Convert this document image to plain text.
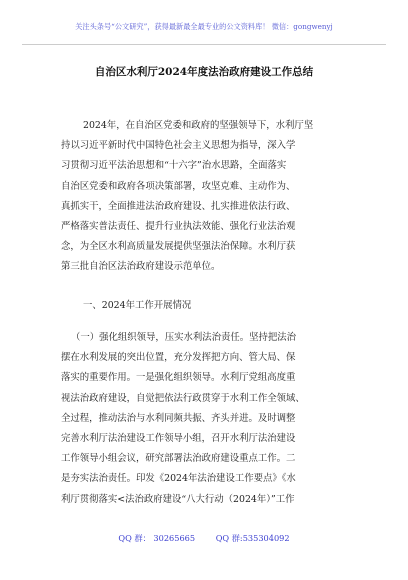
关注头条号“公文研究”，获得最新最全最专业的公文资料库！ 微信：gongwenyj
自治区水利厅2024年度法治政府建设工作总结
2024年，在自治区党委和政府的坚强领导下，水利厅坚
持以习近平新时代中国特色社会主义思想为指导，深入学
习贯彻习近平法治思想和“十六字”治水思路，全面落实
自治区党委和政府各项决策部署，攻坚克难、主动作为、
真抓实干，全面推进法治政府建设、扎实推进依法行政、
严格落实普法责任、提升行业执法效能、强化行业法治观
念，为全区水利高质量发展提供坚强法治保障。水利厅获
第三批自治区法治政府建设示范单位。
一、2024年工作开展情况
（一）强化组织领导，压实水利法治责任。坚持把法治
摆在水利发展的突出位置，充分发挥把方向、管大局、保
落实的重要作用。一是强化组织领导。水利厅党组高度重
视法治政府建设，自觉把依法行政贯穿于水利工作全领域、
全过程，推动法治与水利同频共振、齐头并进。及时调整
完善水利厅法治建设工作领导小组，召开水利厅法治建设
工作领导小组会议，研究部署法治政府建设重点工作。二
是夯实法治责任。印发《2024年法治建设工作要点》《水
利厅贯彻落实<法治政府建设“八大行动（2024年）”工作
QQ 群： 30265665	QQ 群:535304092
